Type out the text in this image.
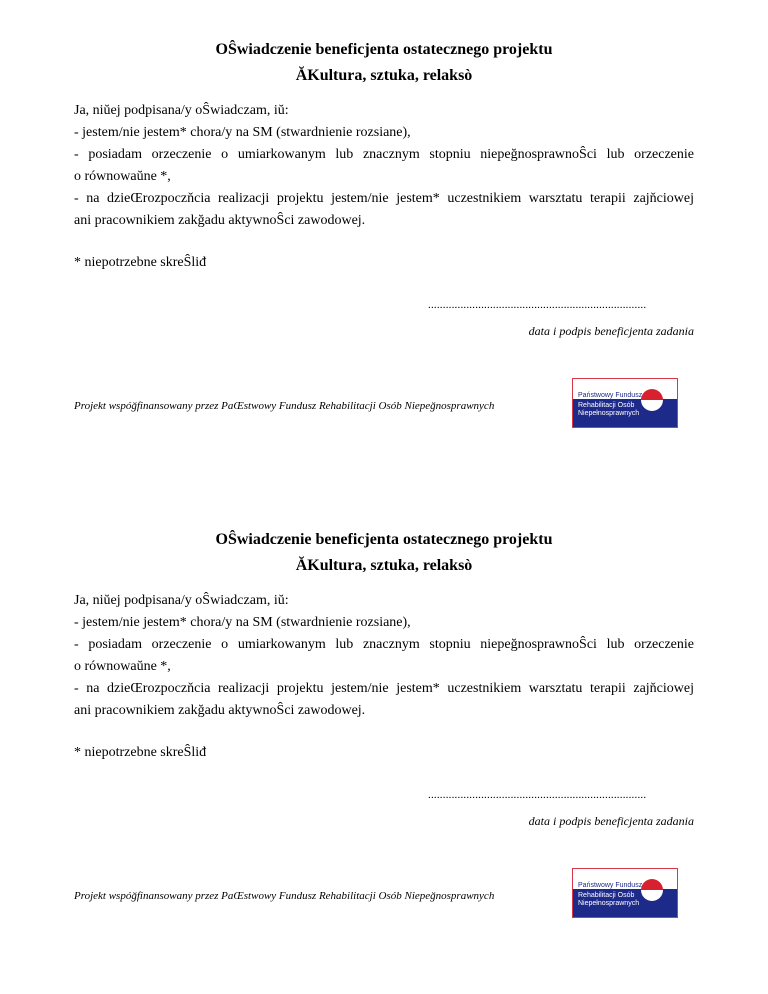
OŜwiadczenie beneficjenta ostatecznego projektu
ĂKultura, sztuka, relaksò

Ja, niŭej podpisana/y oŜwiadczam, iŭ:

- jestem/nie jestem* chora/y na SM (stwardnienie rozsiane),

- posiadam orzeczenie o umiarkowanym lub znacznym stopniu niepeğnosprawnoŜci lub orzeczenie

o równowaŭne *,

- na dzieŒrozpoczňcia realizacji projektu jestem/nie jestem* uczestnikiem warsztatu terapii zajňciowej

ani pracownikiem zakğadu aktywnoŜci zawodowej.

* niepotrzebne skreŜliđ
..........................................................................
data i podpis beneficjenta zadania
Projekt wspóğfinansowany przez PaŒstwowy Fundusz Rehabilitacji Osób Niepeğnosprawnych
Państwowy Fundusz
Rehabilitacji Osób
Niepełnosprawnych
OŜwiadczenie beneficjenta ostatecznego projektu
ĂKultura, sztuka, relaksò

Ja, niŭej podpisana/y oŜwiadczam, iŭ:

- jestem/nie jestem* chora/y na SM (stwardnienie rozsiane),

- posiadam orzeczenie o umiarkowanym lub znacznym stopniu niepeğnosprawnoŜci lub orzeczenie

o równowaŭne *,

- na dzieŒrozpoczňcia realizacji projektu jestem/nie jestem* uczestnikiem warsztatu terapii zajňciowej

ani pracownikiem zakğadu aktywnoŜci zawodowej.

* niepotrzebne skreŜliđ
..........................................................................
data i podpis beneficjenta zadania
Projekt wspóğfinansowany przez PaŒstwowy Fundusz Rehabilitacji Osób Niepeğnosprawnych
Państwowy Fundusz
Rehabilitacji Osób
Niepełnosprawnych
